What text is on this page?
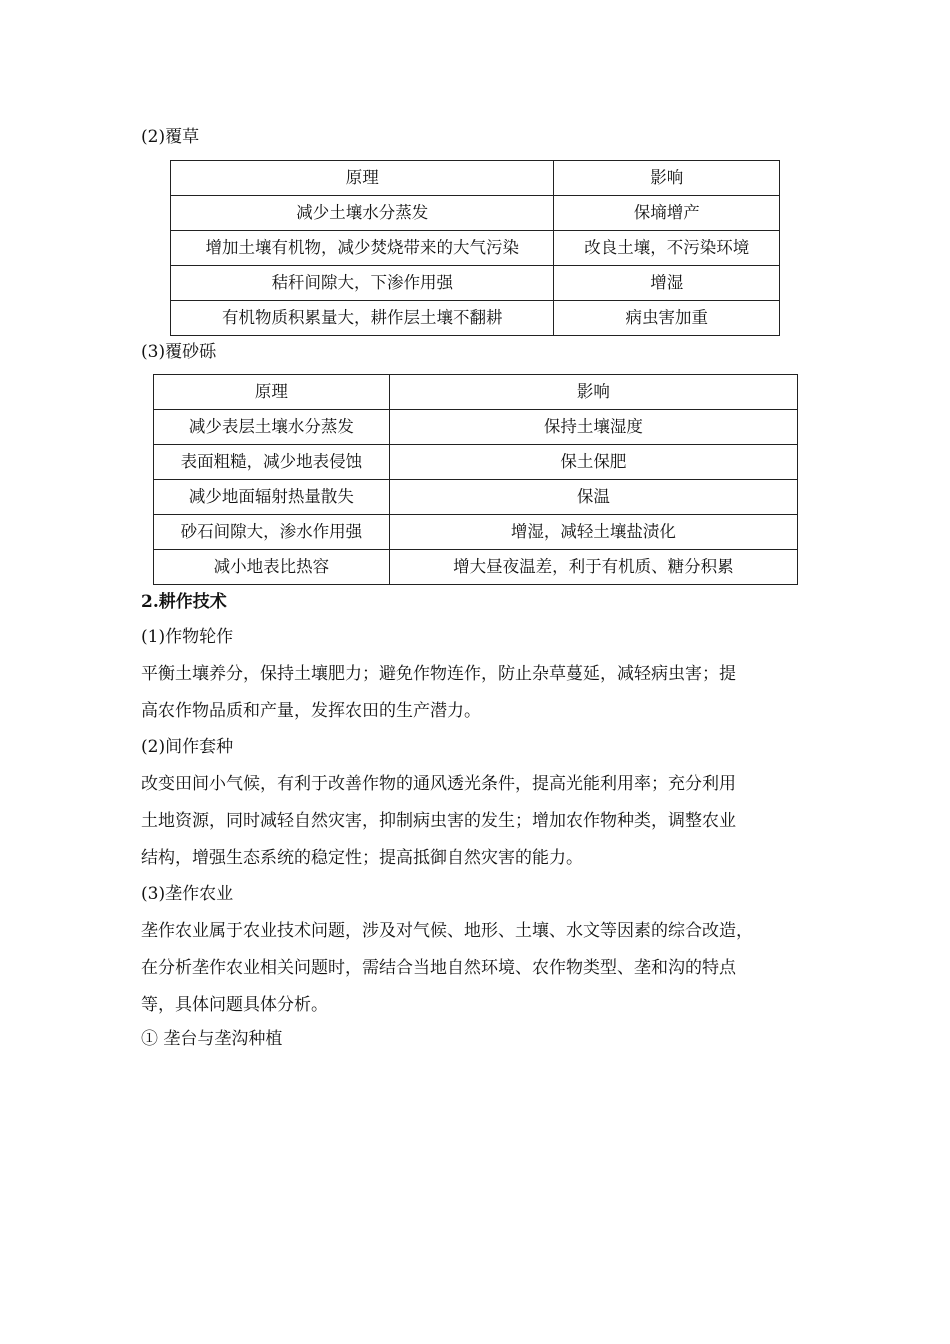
(2)覆草
原理	影响
减少土壤水分蒸发	保墒增产
增加土壤有机物，减少焚烧带来的大气污染	改良土壤，不污染环境
秸秆间隙大，下渗作用强	增湿
有机物质积累量大，耕作层土壤不翻耕	病虫害加重
(3)覆砂砾
原理	影响
减少表层土壤水分蒸发	保持土壤湿度
表面粗糙，减少地表侵蚀	保土保肥
减少地面辐射热量散失	保温
砂石间隙大，渗水作用强	增湿，减轻土壤盐渍化
减小地表比热容	增大昼夜温差，利于有机质、糖分积累
2.耕作技术
(1)作物轮作
平衡土壤养分，保持土壤肥力；避免作物连作，防止杂草蔓延，减轻病虫害；提
高农作物品质和产量，发挥农田的生产潜力。
(2)间作套种
改变田间小气候，有利于改善作物的通风透光条件，提高光能利用率；充分利用
土地资源，同时减轻自然灾害，抑制病虫害的发生；增加农作物种类，调整农业
结构，增强生态系统的稳定性；提高抵御自然灾害的能力。
(3)垄作农业
垄作农业属于农业技术问题，涉及对气候、地形、土壤、水文等因素的综合改造，
在分析垄作农业相关问题时，需结合当地自然环境、农作物类型、垄和沟的特点
等，具体问题具体分析。
① 垄台与垄沟种植
